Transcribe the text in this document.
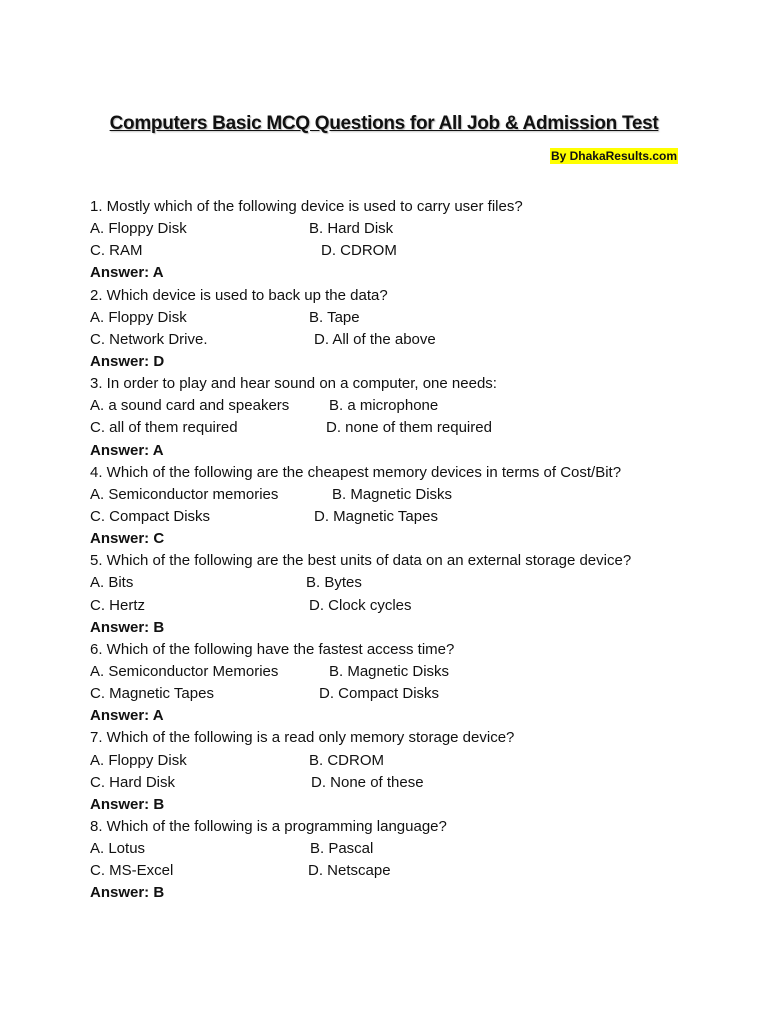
Computers Basic MCQ Questions for All Job & Admission Test
By DhakaResults.com
1. Mostly which of the following device is used to carry user files?
A. Floppy Disk	B. Hard Disk
C. RAM	D. CDROM
Answer: A
2. Which device is used to back up the data?
A. Floppy Disk	B. Tape
C. Network Drive.	D. All of the above
Answer: D
3. In order to play and hear sound on a computer, one needs:
A. a sound card and speakers	B. a microphone
C. all of them required	D. none of them required
Answer: A
4. Which of the following are the cheapest memory devices in terms of Cost/Bit?
A. Semiconductor memories	B. Magnetic Disks
C. Compact Disks	D. Magnetic Tapes
Answer: C
5. Which of the following are the best units of data on an external storage device?
A. Bits	B. Bytes
C. Hertz	D. Clock cycles
Answer: B
6. Which of the following have the fastest access time?
A. Semiconductor Memories	B. Magnetic Disks
C. Magnetic Tapes	D. Compact Disks
Answer: A
7. Which of the following is a read only memory storage device?
A. Floppy Disk	B. CDROM
C. Hard Disk	D. None of these
Answer: B
8. Which of the following is a programming language?
A. Lotus	B. Pascal
C. MS-Excel	D. Netscape
Answer: B
